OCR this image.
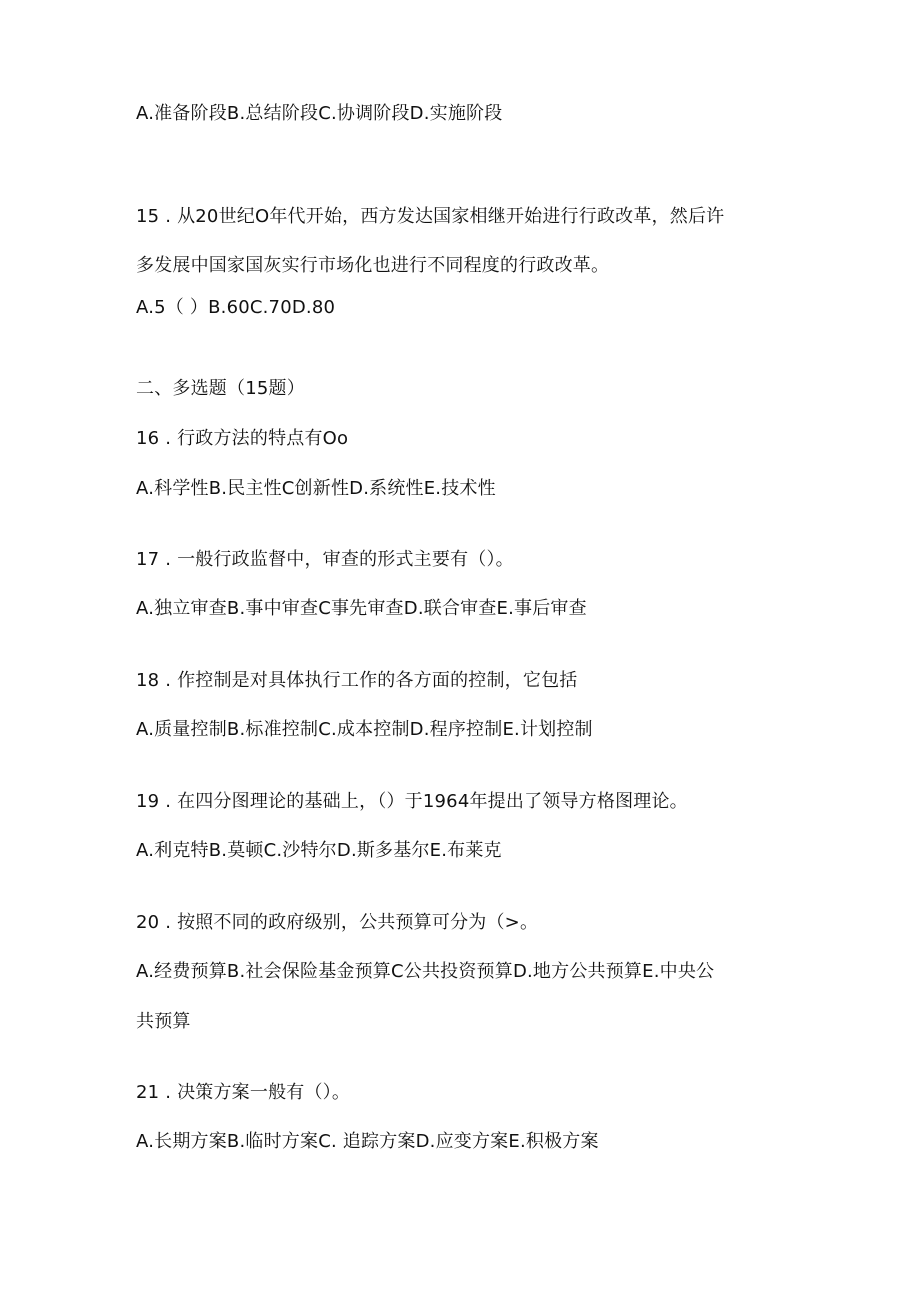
A.准备阶段B.总结阶段C.协调阶段D.实施阶段
15 . 从20世纪O年代开始，西方发达国家相继开始进行行政改革，然后许
多发展中国家国灰实行市场化也进行不同程度的行政改革。
A.5（ ）B.60C.70D.80
二、多选题（15题）
16 . 行政方法的特点有Oo
A.科学性B.民主性C创新性D.系统性E.技术性
17 . 一般行政监督中，审查的形式主要有（）。
A.独立审查B.事中审查C事先审查D.联合审查E.事后审查
18 . 作控制是对具体执行工作的各方面的控制，它包括
A.质量控制B.标准控制C.成本控制D.程序控制E.计划控制
19 . 在四分图理论的基础上，（）于1964年提出了领导方格图理论。
A.利克特B.莫顿C.沙特尔D.斯多基尔E.布莱克
20 . 按照不同的政府级别，公共预算可分为（>。
A.经费预算B.社会保险基金预算C公共投资预算D.地方公共预算E.中央公
共预算
21 . 决策方案一般有（）。
A.长期方案B.临时方案C. 追踪方案D.应变方案E.积极方案
